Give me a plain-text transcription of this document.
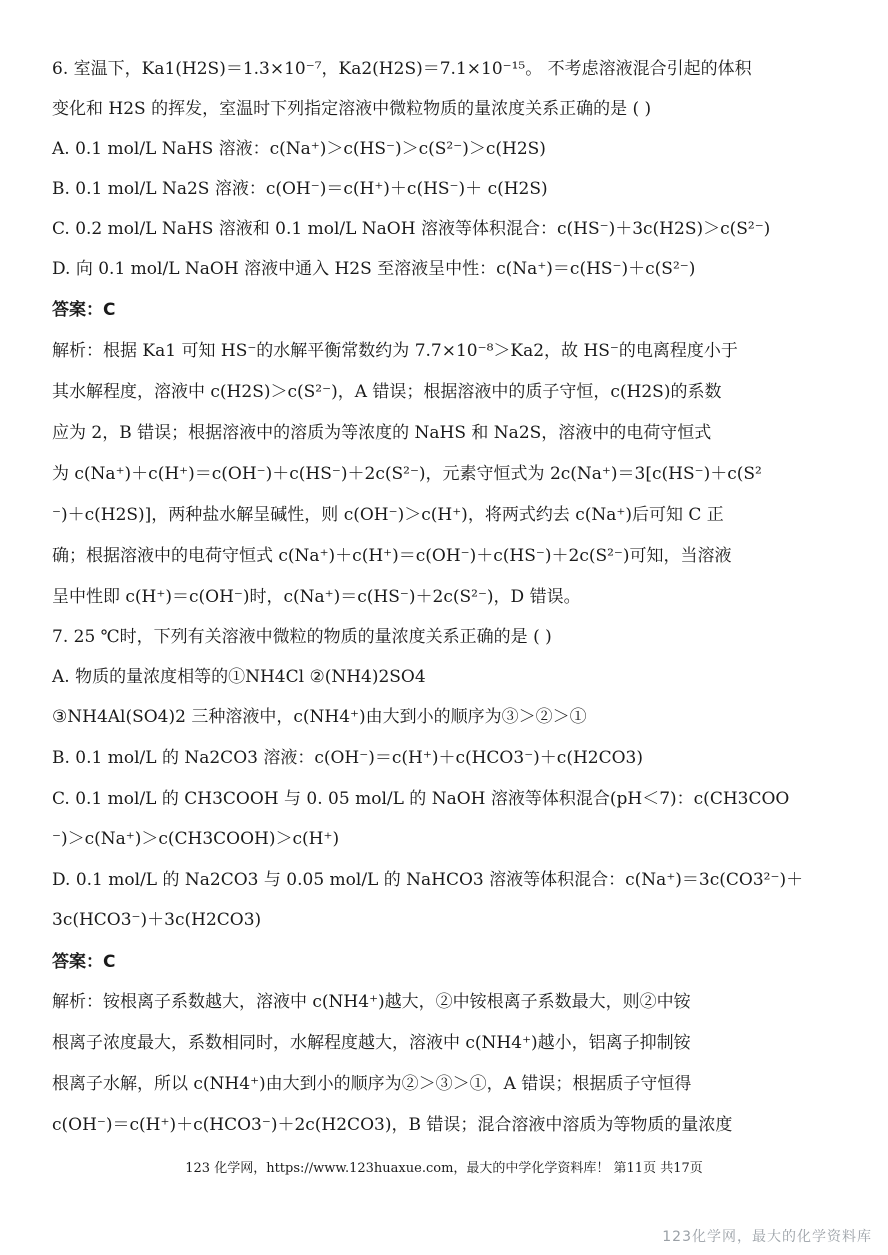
6. 室温下，Ka1(H2S)＝1.3×10⁻⁷，Ka2(H2S)＝7.1×10⁻¹⁵。 不考虑溶液混合引起的体积
变化和 H2S 的挥发，室温时下列指定溶液中微粒物质的量浓度关系正确的是 ( )
A. 0.1 mol/L NaHS 溶液：c(Na⁺)＞c(HS⁻)＞c(S²⁻)＞c(H2S)
B. 0.1 mol/L Na2S 溶液：c(OH⁻)＝c(H⁺)＋c(HS⁻)＋ c(H2S)
C. 0.2 mol/L NaHS 溶液和 0.1 mol/L NaOH 溶液等体积混合：c(HS⁻)＋3c(H2S)＞c(S²⁻)
D. 向 0.1 mol/L NaOH 溶液中通入 H2S 至溶液呈中性：c(Na⁺)＝c(HS⁻)＋c(S²⁻)
答案：C
解析：根据 Ka1 可知 HS⁻的水解平衡常数约为 7.7×10⁻⁸＞Ka2，故 HS⁻的电离程度小于
其水解程度，溶液中 c(H2S)＞c(S²⁻)，A 错误；根据溶液中的质子守恒，c(H2S)的系数
应为 2，B 错误；根据溶液中的溶质为等浓度的 NaHS 和 Na2S，溶液中的电荷守恒式
为 c(Na⁺)＋c(H⁺)＝c(OH⁻)＋c(HS⁻)＋2c(S²⁻)，元素守恒式为 2c(Na⁺)＝3[c(HS⁻)＋c(S²
⁻)＋c(H2S)]，两种盐水解呈碱性，则 c(OH⁻)＞c(H⁺)，将两式约去 c(Na⁺)后可知 C 正
确；根据溶液中的电荷守恒式 c(Na⁺)＋c(H⁺)＝c(OH⁻)＋c(HS⁻)＋2c(S²⁻)可知，当溶液
呈中性即 c(H⁺)＝c(OH⁻)时，c(Na⁺)＝c(HS⁻)＋2c(S²⁻)，D 错误。
7. 25 ℃时，下列有关溶液中微粒的物质的量浓度关系正确的是 ( )
A. 物质的量浓度相等的①NH4Cl ②(NH4)2SO4
③NH4Al(SO4)2 三种溶液中，c(NH4⁺)由大到小的顺序为③＞②＞①
B. 0.1 mol/L 的 Na2CO3 溶液：c(OH⁻)＝c(H⁺)＋c(HCO3⁻)＋c(H2CO3)
C. 0.1 mol/L 的 CH3COOH 与 0. 05 mol/L 的 NaOH 溶液等体积混合(pH＜7)：c(CH3COO
⁻)＞c(Na⁺)＞c(CH3COOH)＞c(H⁺)
D. 0.1 mol/L 的 Na2CO3 与 0.05 mol/L 的 NaHCO3 溶液等体积混合：c(Na⁺)＝3c(CO3²⁻)＋
3c(HCO3⁻)＋3c(H2CO3)
答案：C
解析：铵根离子系数越大，溶液中 c(NH4⁺)越大，②中铵根离子系数最大，则②中铵
根离子浓度最大，系数相同时，水解程度越大，溶液中 c(NH4⁺)越小，铝离子抑制铵
根离子水解，所以 c(NH4⁺)由大到小的顺序为②＞③＞①，A 错误；根据质子守恒得
c(OH⁻)＝c(H⁺)＋c(HCO3⁻)＋2c(H2CO3)，B 错误；混合溶液中溶质为等物质的量浓度
123 化学网，https://www.123huaxue.com，最大的中学化学资料库！ 第11页 共17页
123化学网，最大的化学资料库
